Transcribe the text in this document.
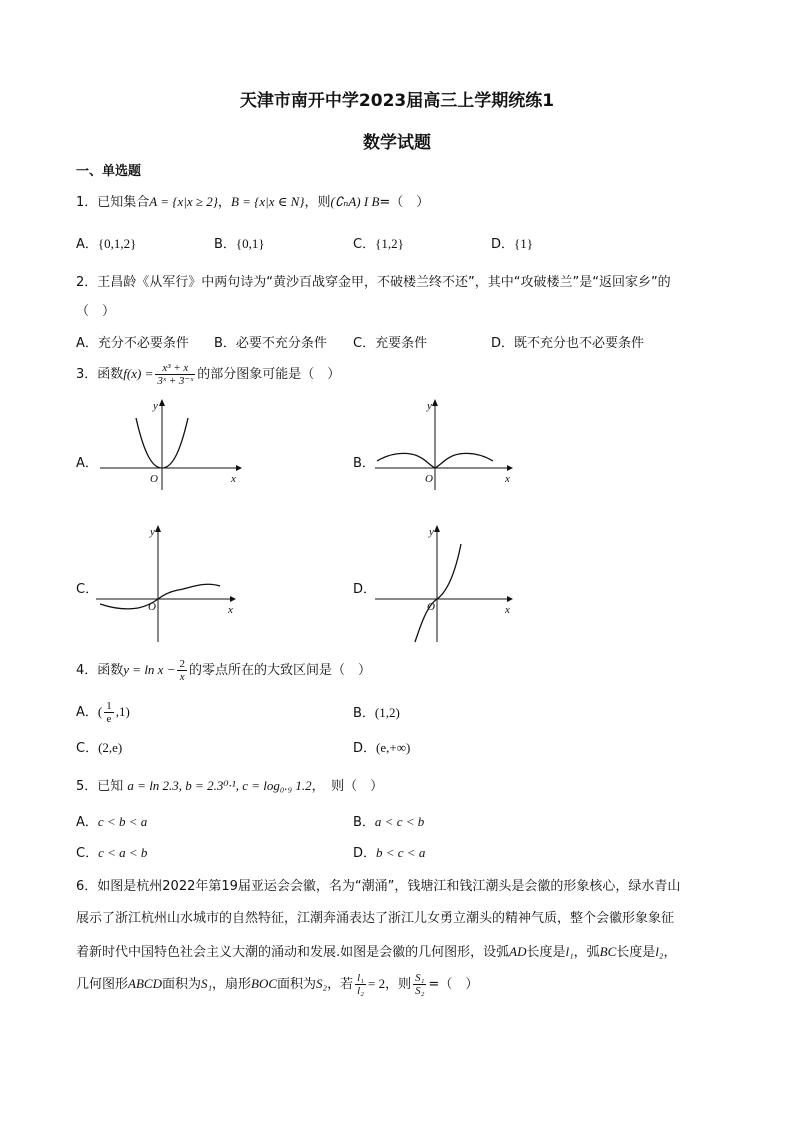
天津市南开中学2023届高三上学期统练1
数学试题
一、单选题
1．已知集合A = {x|x ≥ 2}，B = {x|x ∈ N}，则(∁ₙA) I B=（　）
A．{0,1,2}	B．{0,1}	C．{1,2}	D．{1}
2．王昌龄《从军行》中两句诗为“黄沙百战穿金甲，不破楼兰终不还”，其中“攻破楼兰”是“返回家乡”的
（　）
A．充分不必要条件 B．必要不充分条件 C．充要条件	D．既不充分也不必要条件
3．函数$f(x) = \frac{\text{x³ + x}}{\text{3ˣ + 3⁻ˣ}}$ 的部分图象可能是（　）
A．
O	x
y
B．
O	x
y
C．
O	x
y
D．
O	x
y
4．函数$y = \ln x - \frac{2}{x}$ 的零点所在的大致区间是（　）
A．( $\frac{1}{e} ,1$)	B．(1,2)
C．(2,e)	D．(e,+∞)
5．已知 a = ln 2.3, b = 2.3⁰·¹, c = log₀.₉ 1.2，　则（　）
A．c < b < a	B．a < c < b
C．c < a < b	D．b < c < a
6．如图是杭州2022年第19届亚运会会徽，名为“潮涌”，钱塘江和钱江潮头是会徽的形象核心，绿水青山
展示了浙江杭州山水城市的自然特征，江潮奔涌表达了浙江儿女勇立潮头的精神气质，整个会徽形象象征
着新时代中国特色社会主义大潮的涌动和发展.如图是会徽的几何图形，设弧AD长度是l₁，弧BC长度是l₂，
几何图形ABCD面积为S₁，扇形BOC面积为S₂，若 $\frac{\text{l₁}}{\text{l₂}} = 2$，则 $\frac{\text{S₁}}{\text{S₂}}$ =（　）
